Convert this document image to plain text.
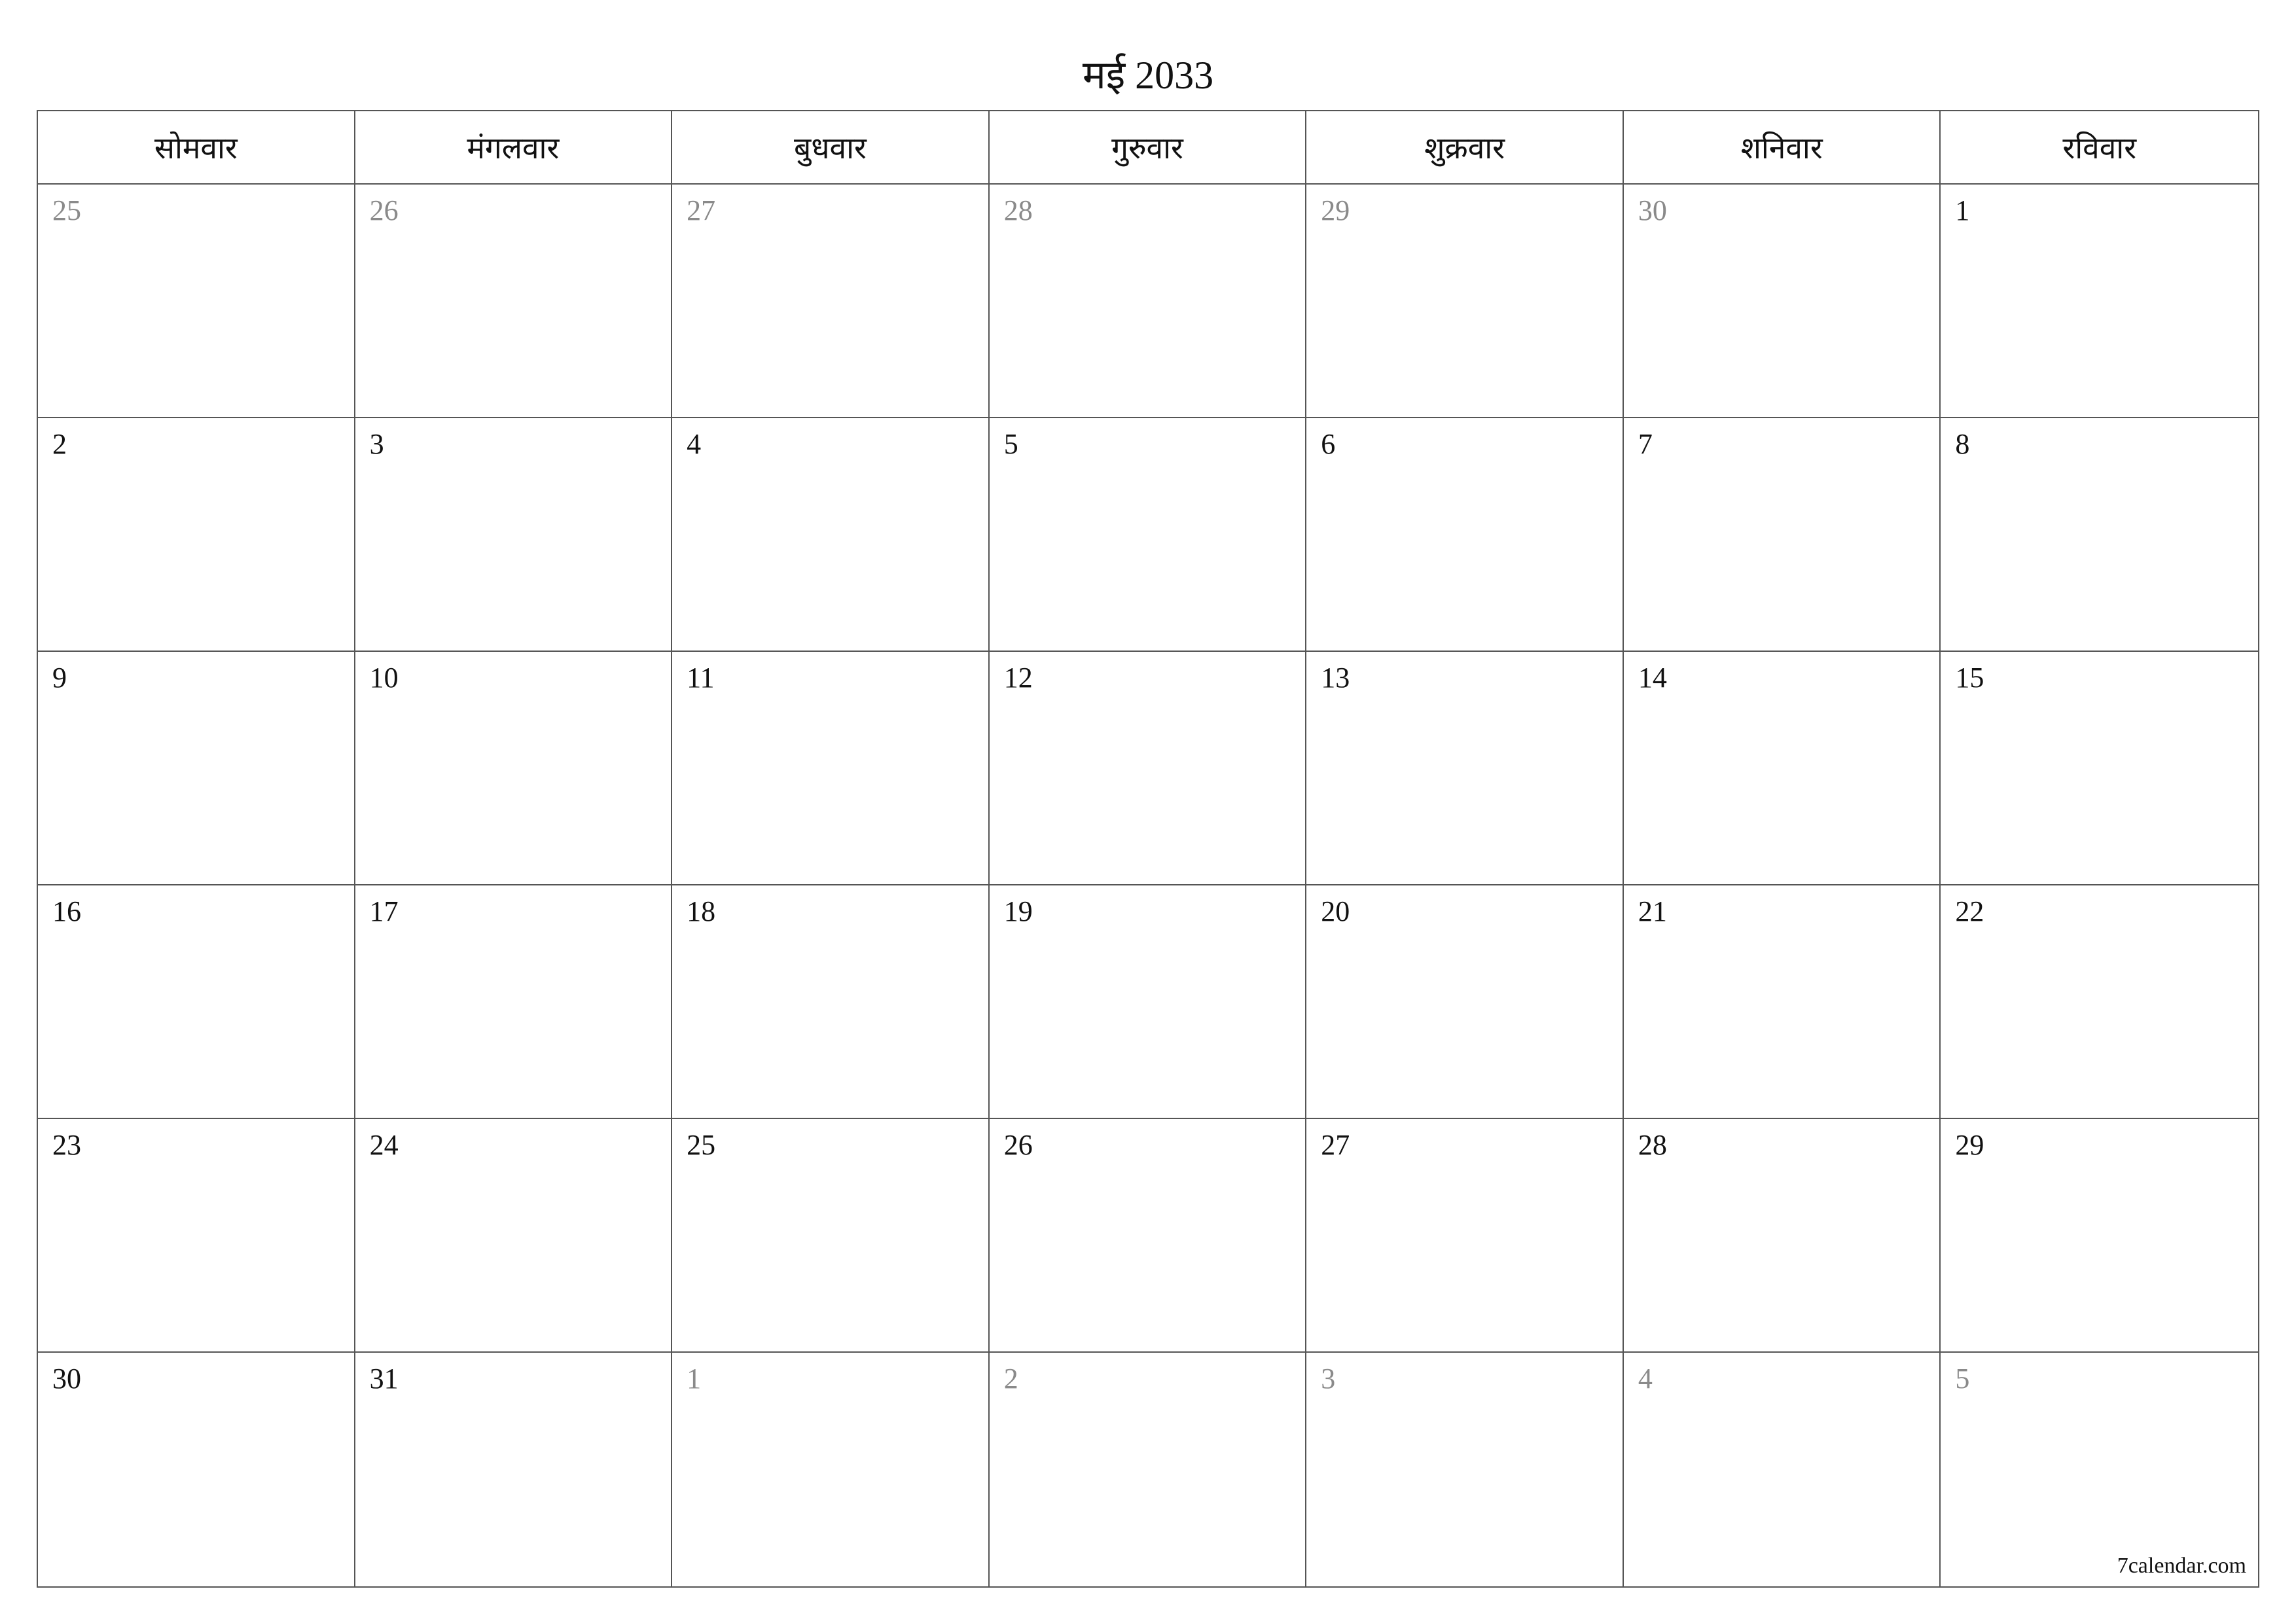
मई 2033
सोमवार	मंगलवार	बुधवार	गुरुवार	शुक्रवार	शनिवार	रविवार
25	26	27	28	29	30	1
2	3	4	5	6	7	8
9	10	11	12	13	14	15
16	17	18	19	20	21	22
23	24	25	26	27	28	29
30	31	1	2	3	4	5
7calendar.com
